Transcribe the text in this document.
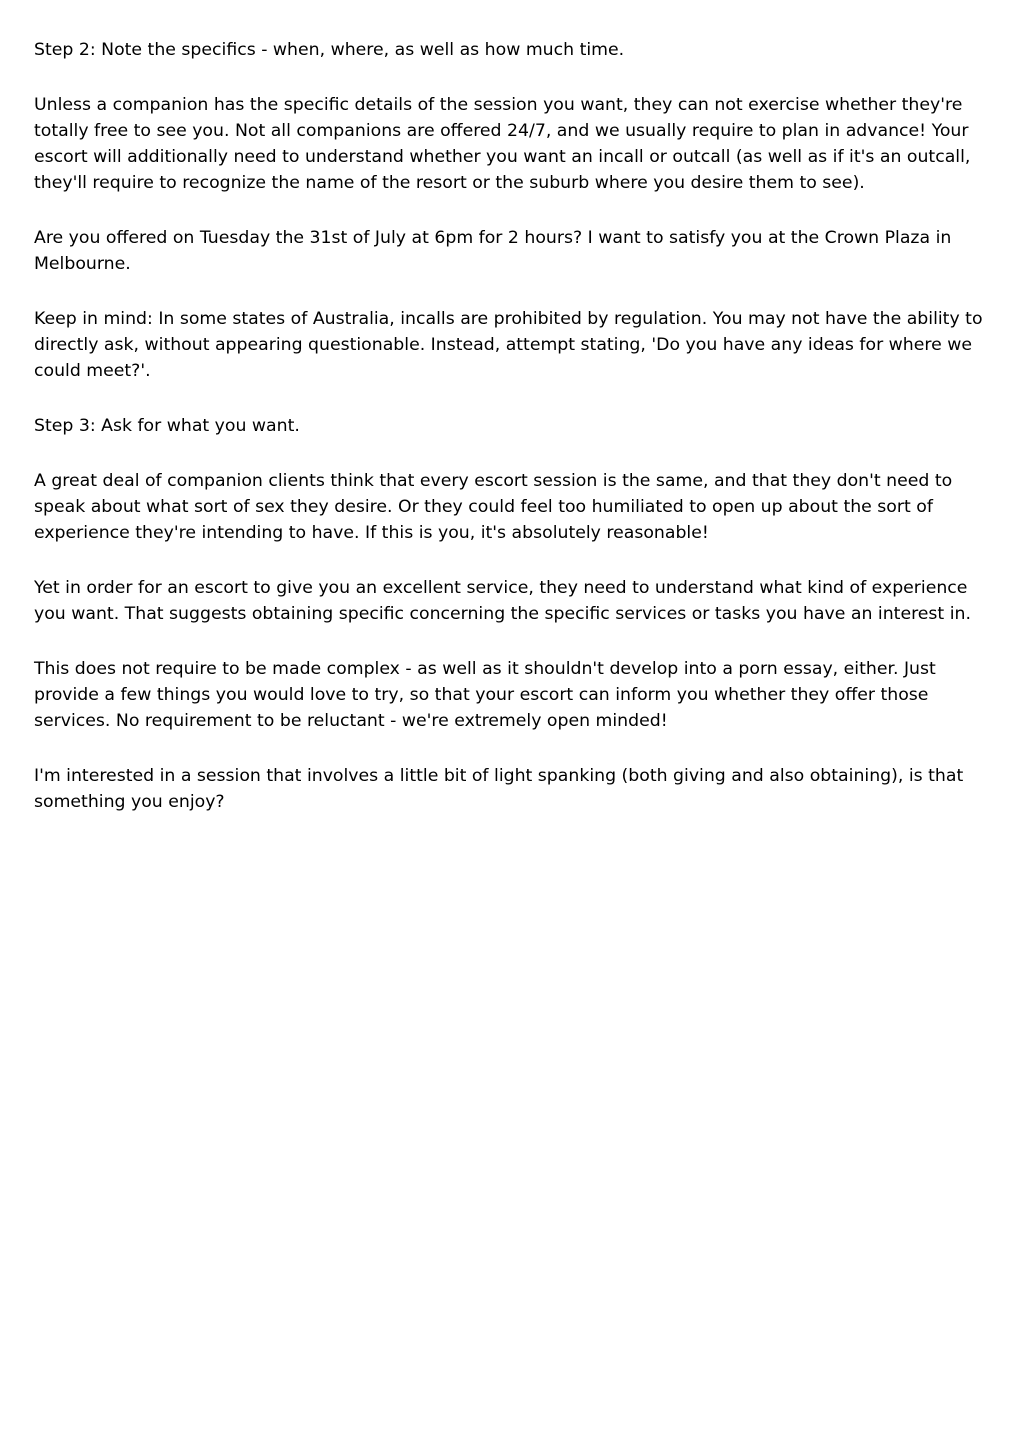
Step 2: Note the specifics - when, where, as well as how much time.

Unless a companion has the specific details of the session you want, they can not exercise whether they're totally free to see you. Not all companions are offered 24/7, and we usually require to plan in advance! Your escort will additionally need to understand whether you want an incall or outcall (as well as if it's an outcall, they'll require to recognize the name of the resort or the suburb where you desire them to see).

Are you offered on Tuesday the 31st of July at 6pm for 2 hours? I want to satisfy you at the Crown Plaza in Melbourne.

Keep in mind: In some states of Australia, incalls are prohibited by regulation. You may not have the ability to directly ask, without appearing questionable. Instead, attempt stating, 'Do you have any ideas for where we could meet?'.

Step 3: Ask for what you want.

A great deal of companion clients think that every escort session is the same, and that they don't need to speak about what sort of sex they desire. Or they could feel too humiliated to open up about the sort of experience they're intending to have. If this is you, it's absolutely reasonable!

Yet in order for an escort to give you an excellent service, they need to understand what kind of experience you want. That suggests obtaining specific concerning the specific services or tasks you have an interest in.

This does not require to be made complex - as well as it shouldn't develop into a porn essay, either. Just provide a few things you would love to try, so that your escort can inform you whether they offer those services. No requirement to be reluctant - we're extremely open minded!

I'm interested in a session that involves a little bit of light spanking (both giving and also obtaining), is that something you enjoy?
